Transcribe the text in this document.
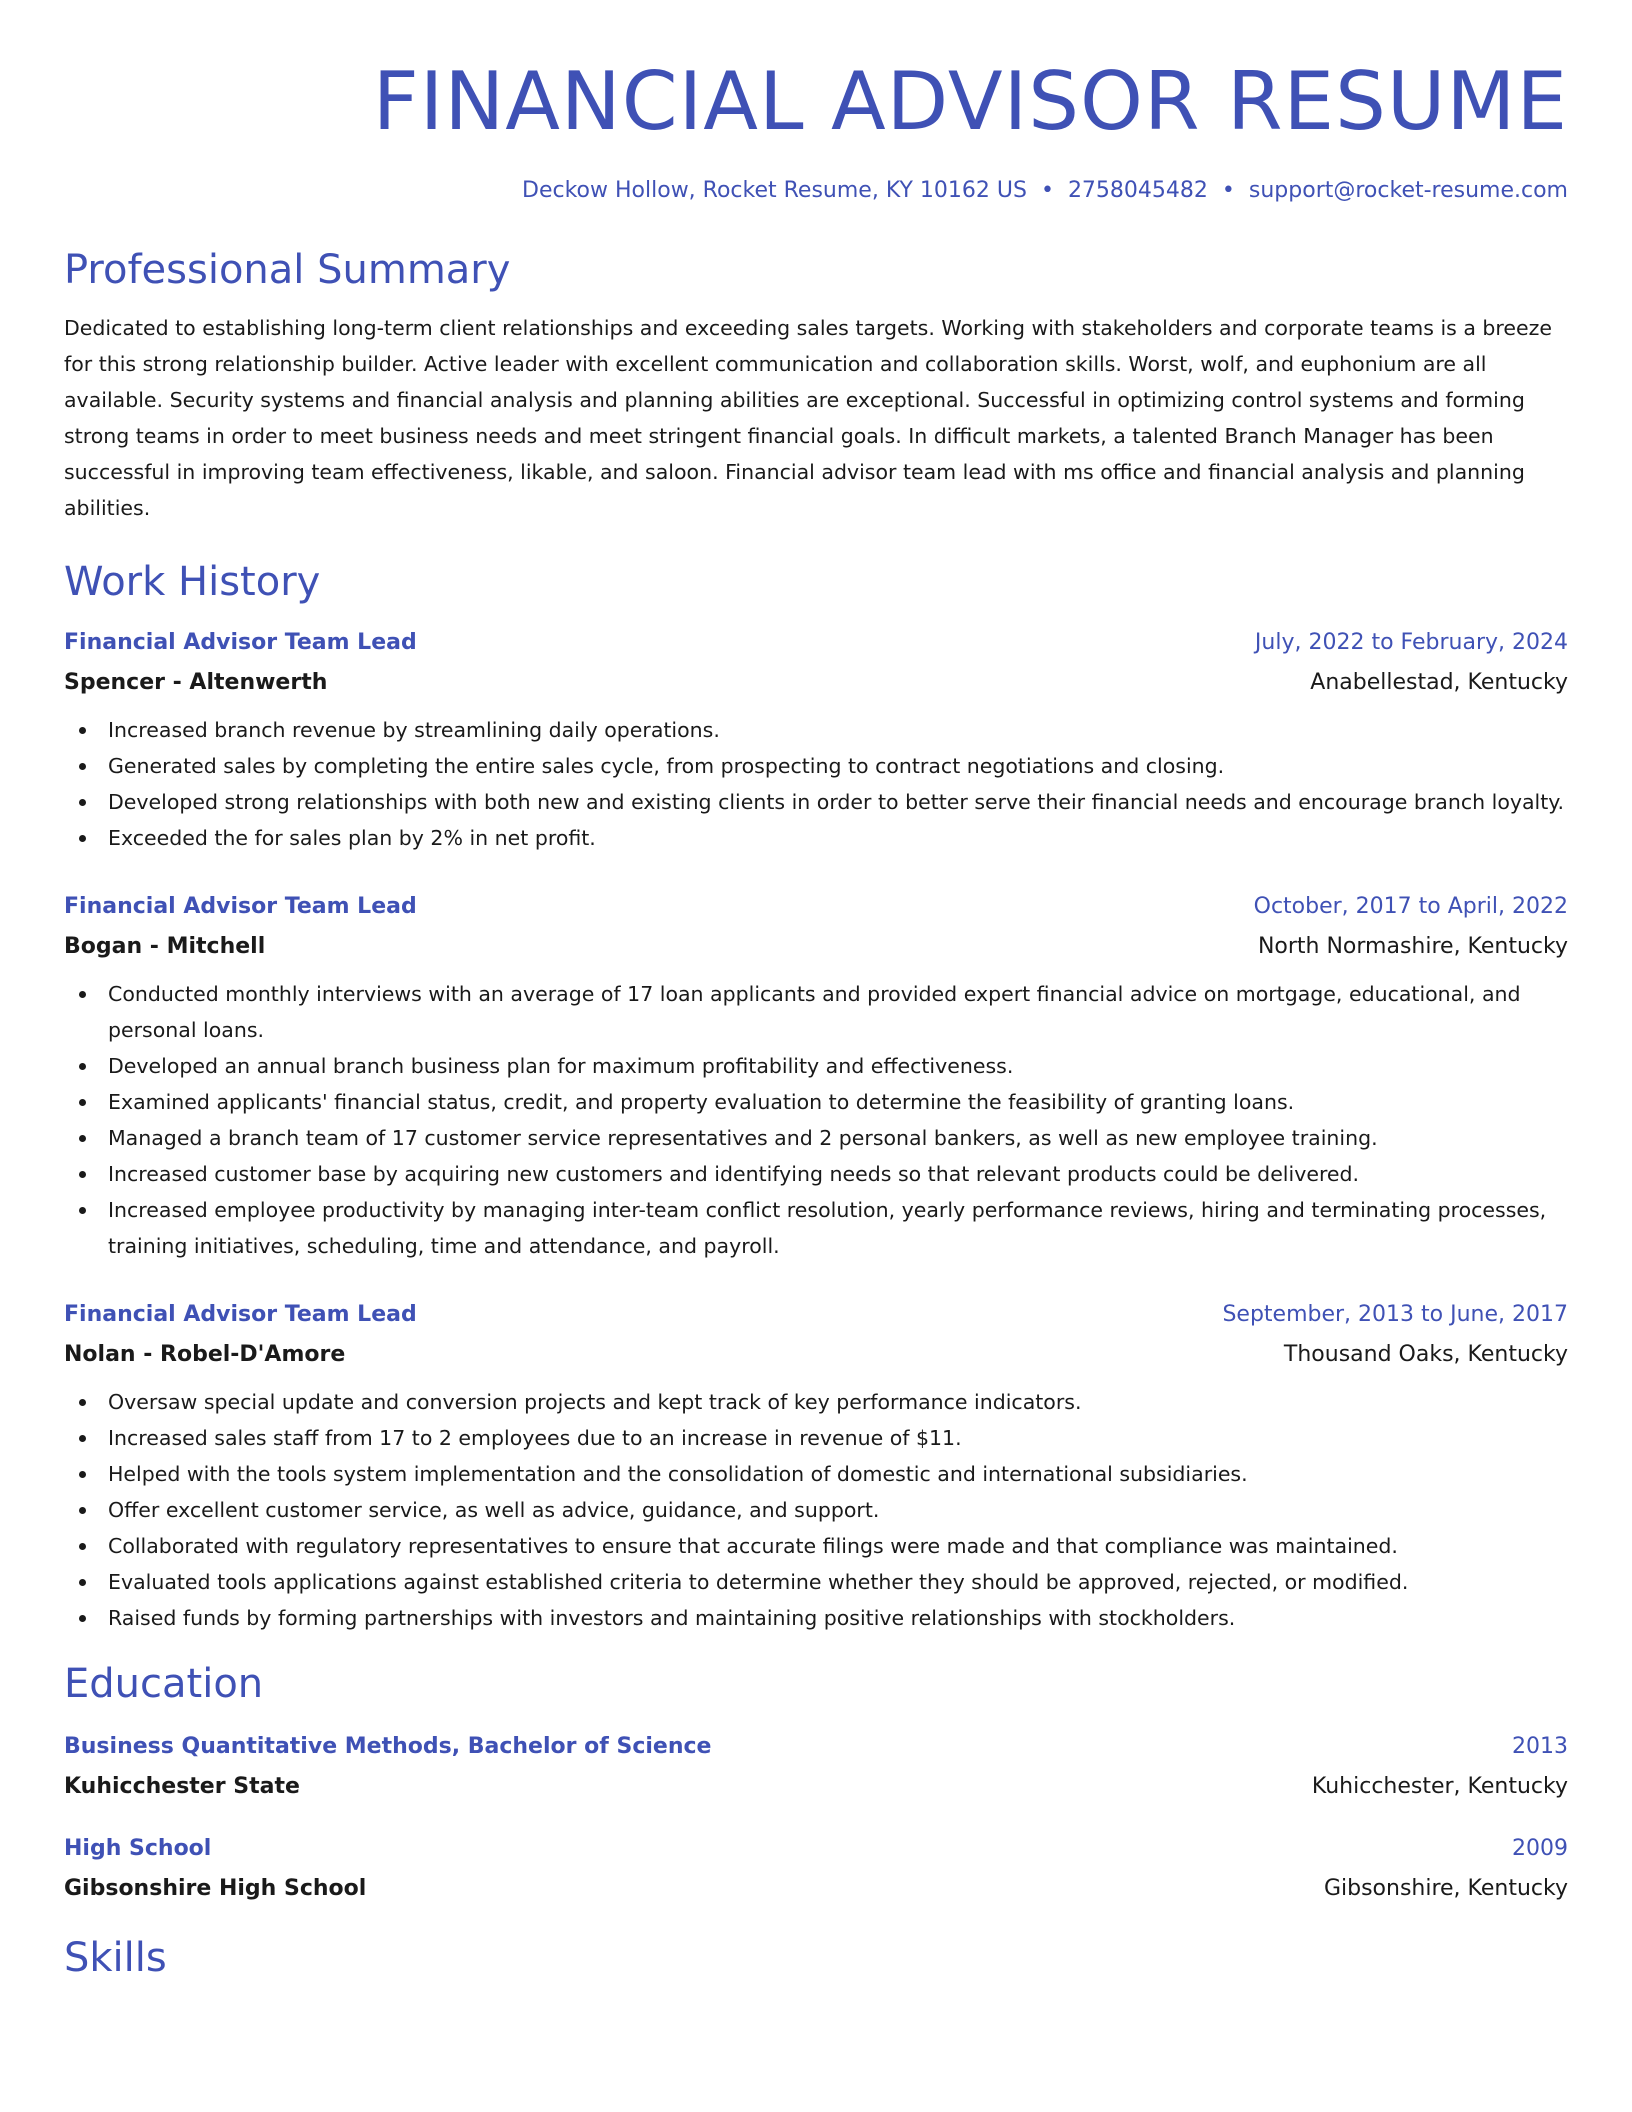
FINANCIAL ADVISOR RESUME
Deckow Hollow, Rocket Resume, KY 10162 US • 2758045482 • support@rocket-resume.com
Professional Summary

Dedicated to establishing long-term client relationships and exceeding sales targets. Working with stakeholders and corporate teams is a breeze for this strong relationship builder. Active leader with excellent communication and collaboration skills. Worst, wolf, and euphonium are all available. Security systems and financial analysis and planning abilities are exceptional. Successful in optimizing control systems and forming strong teams in order to meet business needs and meet stringent financial goals. In difficult markets, a talented Branch Manager has been successful in improving team effectiveness, likable, and saloon. Financial advisor team lead with ms office and financial analysis and planning abilities.

Work History
Financial Advisor Team Lead	July, 2022 to February, 2024
Spencer - Altenwerth	Anabellestad, Kentucky
Increased branch revenue by streamlining daily operations.
Generated sales by completing the entire sales cycle, from prospecting to contract negotiations and closing.
Developed strong relationships with both new and existing clients in order to better serve their financial needs and encourage branch loyalty.
Exceeded the for sales plan by 2% in net profit.
Financial Advisor Team Lead	October, 2017 to April, 2022
Bogan - Mitchell	North Normashire, Kentucky
Conducted monthly interviews with an average of 17 loan applicants and provided expert financial advice on mortgage, educational, and personal loans.
Developed an annual branch business plan for maximum profitability and effectiveness.
Examined applicants' financial status, credit, and property evaluation to determine the feasibility of granting loans.
Managed a branch team of 17 customer service representatives and 2 personal bankers, as well as new employee training.
Increased customer base by acquiring new customers and identifying needs so that relevant products could be delivered.
Increased employee productivity by managing inter-team conflict resolution, yearly performance reviews, hiring and terminating processes, training initiatives, scheduling, time and attendance, and payroll.
Financial Advisor Team Lead	September, 2013 to June, 2017
Nolan - Robel-D'Amore	Thousand Oaks, Kentucky
Oversaw special update and conversion projects and kept track of key performance indicators.
Increased sales staff from 17 to 2 employees due to an increase in revenue of $11.
Helped with the tools system implementation and the consolidation of domestic and international subsidiaries.
Offer excellent customer service, as well as advice, guidance, and support.
Collaborated with regulatory representatives to ensure that accurate filings were made and that compliance was maintained.
Evaluated tools applications against established criteria to determine whether they should be approved, rejected, or modified.
Raised funds by forming partnerships with investors and maintaining positive relationships with stockholders.
Education
Business Quantitative Methods, Bachelor of Science	2013
Kuhicchester State	Kuhicchester, Kentucky
High School	2009
Gibsonshire High School	Gibsonshire, Kentucky
Skills
